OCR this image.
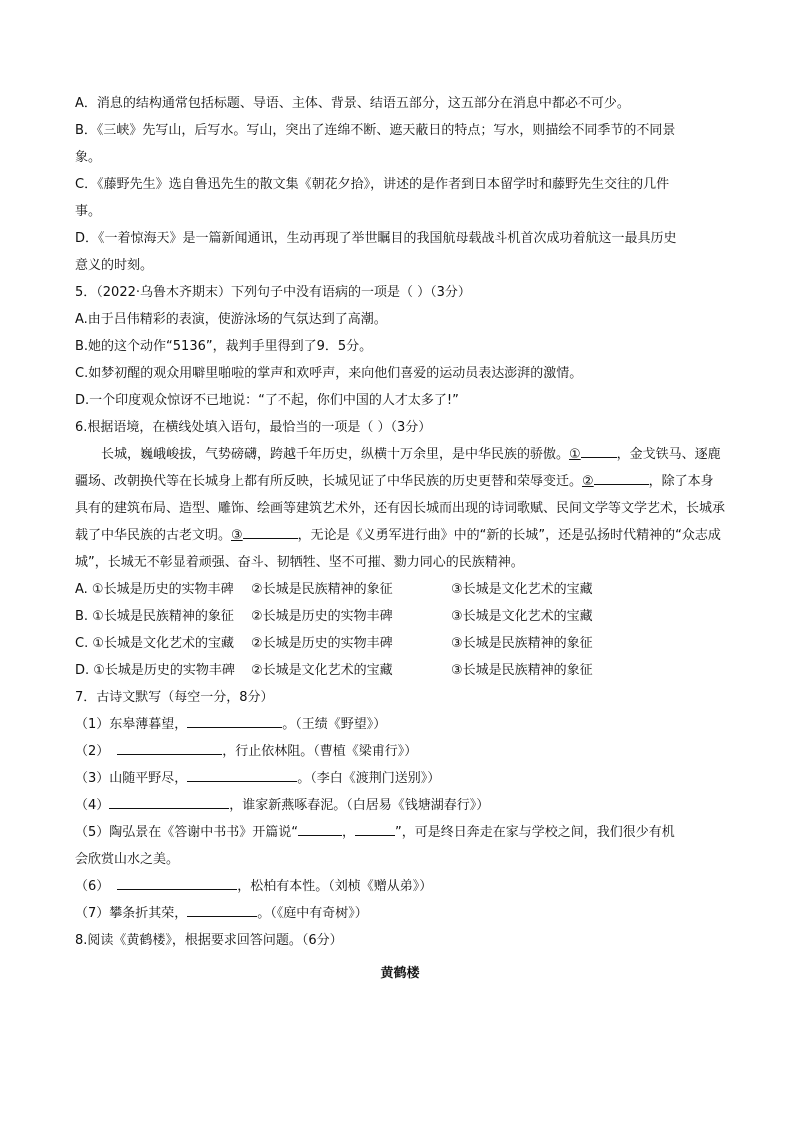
A．消息的结构通常包括标题、导语、主体、背景、结语五部分，这五部分在消息中都必不可少。
B．《三峡》先写山，后写水。写山，突出了连绵不断、遮天蔽日的特点；写水，则描绘不同季节的不同景
象。
C．《藤野先生》选自鲁迅先生的散文集《朝花夕拾》，讲述的是作者到日本留学时和藤野先生交往的几件
事。
D．《一着惊海天》是一篇新闻通讯，生动再现了举世瞩目的我国航母载战斗机首次成功着航这一最具历史
意义的时刻。
5．（2022·乌鲁木齐期末）下列句子中没有语病的一项是（ ）（3分）
A.由于吕伟精彩的表演，使游泳场的气氛达到了高潮。
B.她的这个动作“5136”，裁判手里得到了9．5分。
C.如梦初醒的观众用噼里啪啦的掌声和欢呼声，来向他们喜爱的运动员表达澎湃的激情。
D.一个印度观众惊讶不已地说：“了不起，你们中国的人才太多了!”
6.根据语境，在横线处填入语句，最恰当的一项是（ ）（3分）
长城，巍峨峻拔，气势磅礴，跨越千年历史，纵横十万余里，是中华民族的骄傲。①	，金戈铁马、逐鹿疆场、改朝换代等在长城身上都有所反映，长城见证了中华民族的历史更替和荣辱变迁。②	，除了本身具有的建筑布局、造型、雕饰、绘画等建筑艺术外，还有因长城而出现的诗词歌赋、民间文学等文学艺术，长城承载了中华民族的古老文明。③	，无论是《义勇军进行曲》中的“新的长城”，还是弘扬时代精神的“众志成城”，长城无不彰显着顽强、奋斗、韧牺牲、坚不可摧、勠力同心的民族精神。
A. ①长城是历史的实物丰碑	②长城是民族精神的象征	③长城是文化艺术的宝藏
B. ①长城是民族精神的象征	②长城是历史的实物丰碑	③长城是文化艺术的宝藏
C. ①长城是文化艺术的宝藏	②长城是历史的实物丰碑	③长城是民族精神的象征
D. ①长城是历史的实物丰碑	②长城是文化艺术的宝藏	③长城是民族精神的象征
7．古诗文默写（每空一分，8分）
（1）东皋薄暮望，	。（王绩《野望》）
（2）	，行止依林阻。（曹植《梁甫行》）
（3）山随平野尽，	。（李白《渡荆门送别》）
（4）	，谁家新燕啄春泥。（白居易《钱塘湖春行》）
（5）陶弘景在《答谢中书书》开篇说“	，	”，可是终日奔走在家与学校之间，我们很少有机
会欣赏山水之美。
（6）	，松柏有本性。（刘桢《赠从弟》）
（7）攀条折其荣，	。（《庭中有奇树》）
8.阅读《黄鹤楼》，根据要求回答问题。（6分）
黄鹤楼
